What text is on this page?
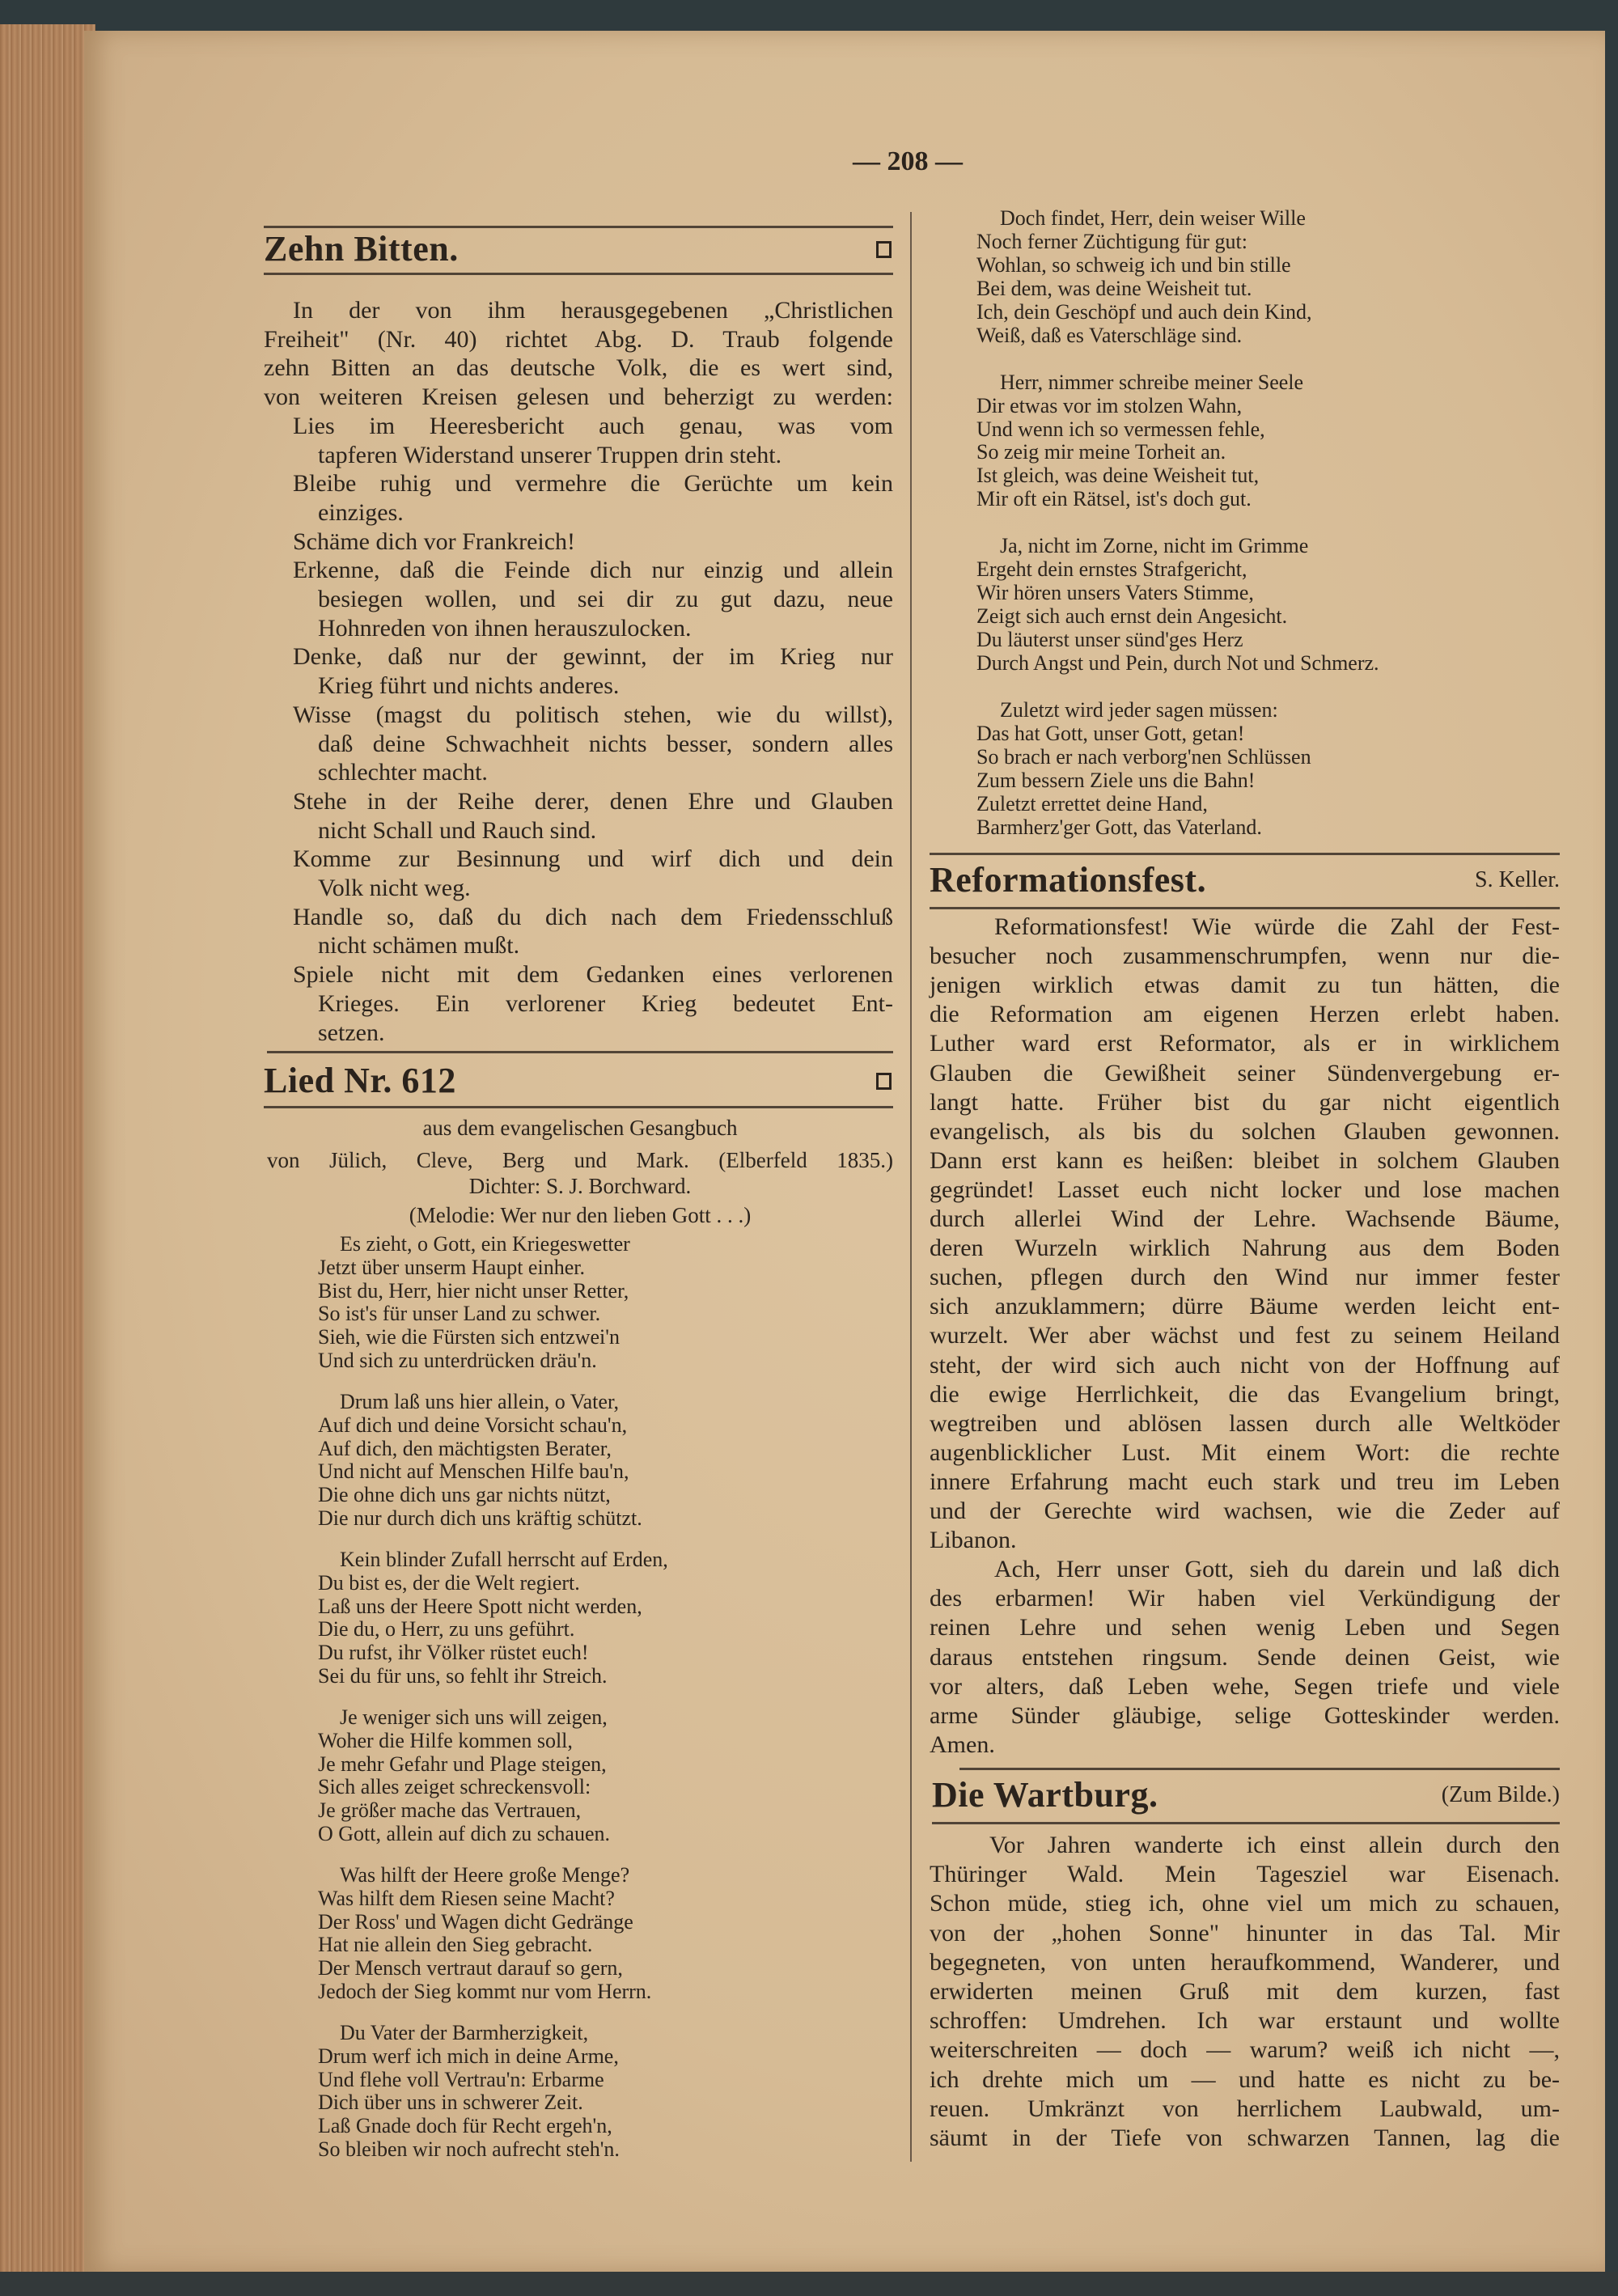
— 208 —
Zehn Bitten.
Lied Nr. 612
Reformationsfest.	S. Keller.
Die Wartburg.	(Zum Bilde.)
In der von ihm herausgegebenen „Christlichen
Freiheit" (Nr. 40) richtet Abg. D. Traub folgende
zehn Bitten an das deutsche Volk, die es wert sind,
von weiteren Kreisen gelesen und beherzigt zu werden:
Lies im Heeresbericht auch genau, was vom
tapferen Widerstand unserer Truppen drin steht.
Bleibe ruhig und vermehre die Gerüchte um kein
einziges.
Schäme dich vor Frankreich!
Erkenne, daß die Feinde dich nur einzig und allein
besiegen wollen, und sei dir zu gut dazu, neue
Hohnreden von ihnen herauszulocken.
Denke, daß nur der gewinnt, der im Krieg nur
Krieg führt und nichts anderes.
Wisse (magst du politisch stehen, wie du willst),
daß deine Schwachheit nichts besser, sondern alles
schlechter macht.
Stehe in der Reihe derer, denen Ehre und Glauben
nicht Schall und Rauch sind.
Komme zur Besinnung und wirf dich und dein
Volk nicht weg.
Handle so, daß du dich nach dem Friedensschluß
nicht schämen mußt.
Spiele nicht mit dem Gedanken eines verlorenen
Krieges. Ein verlorener Krieg bedeutet Ent-
setzen.
aus dem evangelischen Gesangbuch
von Jülich, Cleve, Berg und Mark. (Elberfeld 1835.)
Dichter: S. J. Borchward.
(Melodie: Wer nur den lieben Gott . . .)
Es zieht, o Gott, ein Kriegeswetter
Jetzt über unserm Haupt einher.
Bist du, Herr, hier nicht unser Retter,
So ist's für unser Land zu schwer.
Sieh, wie die Fürsten sich entzwei'n
Und sich zu unterdrücken dräu'n.
Drum laß uns hier allein, o Vater,
Auf dich und deine Vorsicht schau'n,
Auf dich, den mächtigsten Berater,
Und nicht auf Menschen Hilfe bau'n,
Die ohne dich uns gar nichts nützt,
Die nur durch dich uns kräftig schützt.
Kein blinder Zufall herrscht auf Erden,
Du bist es, der die Welt regiert.
Laß uns der Heere Spott nicht werden,
Die du, o Herr, zu uns geführt.
Du rufst, ihr Völker rüstet euch!
Sei du für uns, so fehlt ihr Streich.
Je weniger sich uns will zeigen,
Woher die Hilfe kommen soll,
Je mehr Gefahr und Plage steigen,
Sich alles zeiget schreckensvoll:
Je größer mache das Vertrauen,
O Gott, allein auf dich zu schauen.
Was hilft der Heere große Menge?
Was hilft dem Riesen seine Macht?
Der Ross' und Wagen dicht Gedränge
Hat nie allein den Sieg gebracht.
Der Mensch vertraut darauf so gern,
Jedoch der Sieg kommt nur vom Herrn.
Du Vater der Barmherzigkeit,
Drum werf ich mich in deine Arme,
Und flehe voll Vertrau'n: Erbarme
Dich über uns in schwerer Zeit.
Laß Gnade doch für Recht ergeh'n,
So bleiben wir noch aufrecht steh'n.
Doch findet, Herr, dein weiser Wille
Noch ferner Züchtigung für gut:
Wohlan, so schweig ich und bin stille
Bei dem, was deine Weisheit tut.
Ich, dein Geschöpf und auch dein Kind,
Weiß, daß es Vaterschläge sind.
Herr, nimmer schreibe meiner Seele
Dir etwas vor im stolzen Wahn,
Und wenn ich so vermessen fehle,
So zeig mir meine Torheit an.
Ist gleich, was deine Weisheit tut,
Mir oft ein Rätsel, ist's doch gut.
Ja, nicht im Zorne, nicht im Grimme
Ergeht dein ernstes Strafgericht,
Wir hören unsers Vaters Stimme,
Zeigt sich auch ernst dein Angesicht.
Du läuterst unser sünd'ges Herz
Durch Angst und Pein, durch Not und Schmerz.
Zuletzt wird jeder sagen müssen:
Das hat Gott, unser Gott, getan!
So brach er nach verborg'nen Schlüssen
Zum bessern Ziele uns die Bahn!
Zuletzt errettet deine Hand,
Barmherz'ger Gott, das Vaterland.
Reformationsfest! Wie würde die Zahl der Fest-
besucher noch zusammenschrumpfen, wenn nur die-
jenigen wirklich etwas damit zu tun hätten, die
die Reformation am eigenen Herzen erlebt haben.
Luther ward erst Reformator, als er in wirklichem
Glauben die Gewißheit seiner Sündenvergebung er-
langt hatte. Früher bist du gar nicht eigentlich
evangelisch, als bis du solchen Glauben gewonnen.
Dann erst kann es heißen: bleibet in solchem Glauben
gegründet! Lasset euch nicht locker und lose machen
durch allerlei Wind der Lehre. Wachsende Bäume,
deren Wurzeln wirklich Nahrung aus dem Boden
suchen, pflegen durch den Wind nur immer fester
sich anzuklammern; dürre Bäume werden leicht ent-
wurzelt. Wer aber wächst und fest zu seinem Heiland
steht, der wird sich auch nicht von der Hoffnung auf
die ewige Herrlichkeit, die das Evangelium bringt,
wegtreiben und ablösen lassen durch alle Weltköder
augenblicklicher Lust. Mit einem Wort: die rechte
innere Erfahrung macht euch stark und treu im Leben
und der Gerechte wird wachsen, wie die Zeder auf
Libanon.
Ach, Herr unser Gott, sieh du darein und laß dich
des erbarmen! Wir haben viel Verkündigung der
reinen Lehre und sehen wenig Leben und Segen
daraus entstehen ringsum. Sende deinen Geist, wie
vor alters, daß Leben wehe, Segen triefe und viele
arme Sünder gläubige, selige Gotteskinder werden.
Amen.
Vor Jahren wanderte ich einst allein durch den
Thüringer Wald. Mein Tagesziel war Eisenach.
Schon müde, stieg ich, ohne viel um mich zu schauen,
von der „hohen Sonne" hinunter in das Tal. Mir
begegneten, von unten heraufkommend, Wanderer, und
erwiderten meinen Gruß mit dem kurzen, fast
schroffen: Umdrehen. Ich war erstaunt und wollte
weiterschreiten — doch — warum? weiß ich nicht —,
ich drehte mich um — und hatte es nicht zu be-
reuen. Umkränzt von herrlichem Laubwald, um-
säumt in der Tiefe von schwarzen Tannen, lag die
